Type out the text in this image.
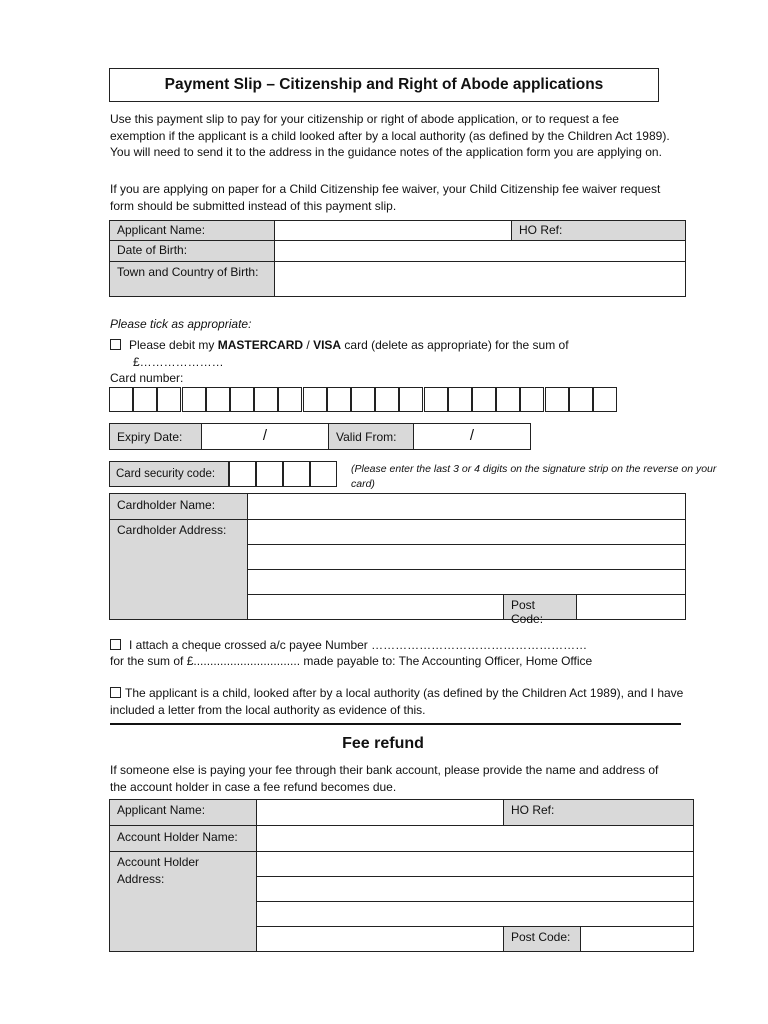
Payment Slip – Citizenship and Right of Abode applications
Use this payment slip to pay for your citizenship or right of abode application, or to request a fee exemption if the applicant is a child looked after by a local authority (as defined by the Children Act 1989). You will need to send it to the address in the guidance notes of the application form you are applying on.
If you are applying on paper for a Child Citizenship fee waiver, your Child Citizenship fee waiver request form should be submitted instead of this payment slip.
Applicant Name:	HO Ref:
Date of Birth:
Town and Country of Birth:
Please tick as appropriate:
Please debit my MASTERCARD / VISA card (delete as appropriate) for the sum of
£…………………
Card number:
Expiry Date:	/	Valid From:	/
Card security code:	(Please enter the last 3 or 4 digits on the signature strip on the reverse on your card)
Cardholder Name:
Cardholder Address:
Post Code:
I attach a cheque crossed a/c payee Number ………………………………………………
for the sum of £................................ made payable to: The Accounting Officer, Home Office
The applicant is a child, looked after by a local authority (as defined by the Children Act 1989), and I have included a letter from the local authority as evidence of this.
Fee refund
If someone else is paying your fee through their bank account, please provide the name and address of the account holder in case a fee refund becomes due.
Applicant Name:	HO Ref:
Account Holder Name:
Account Holder Address:
Post Code:
